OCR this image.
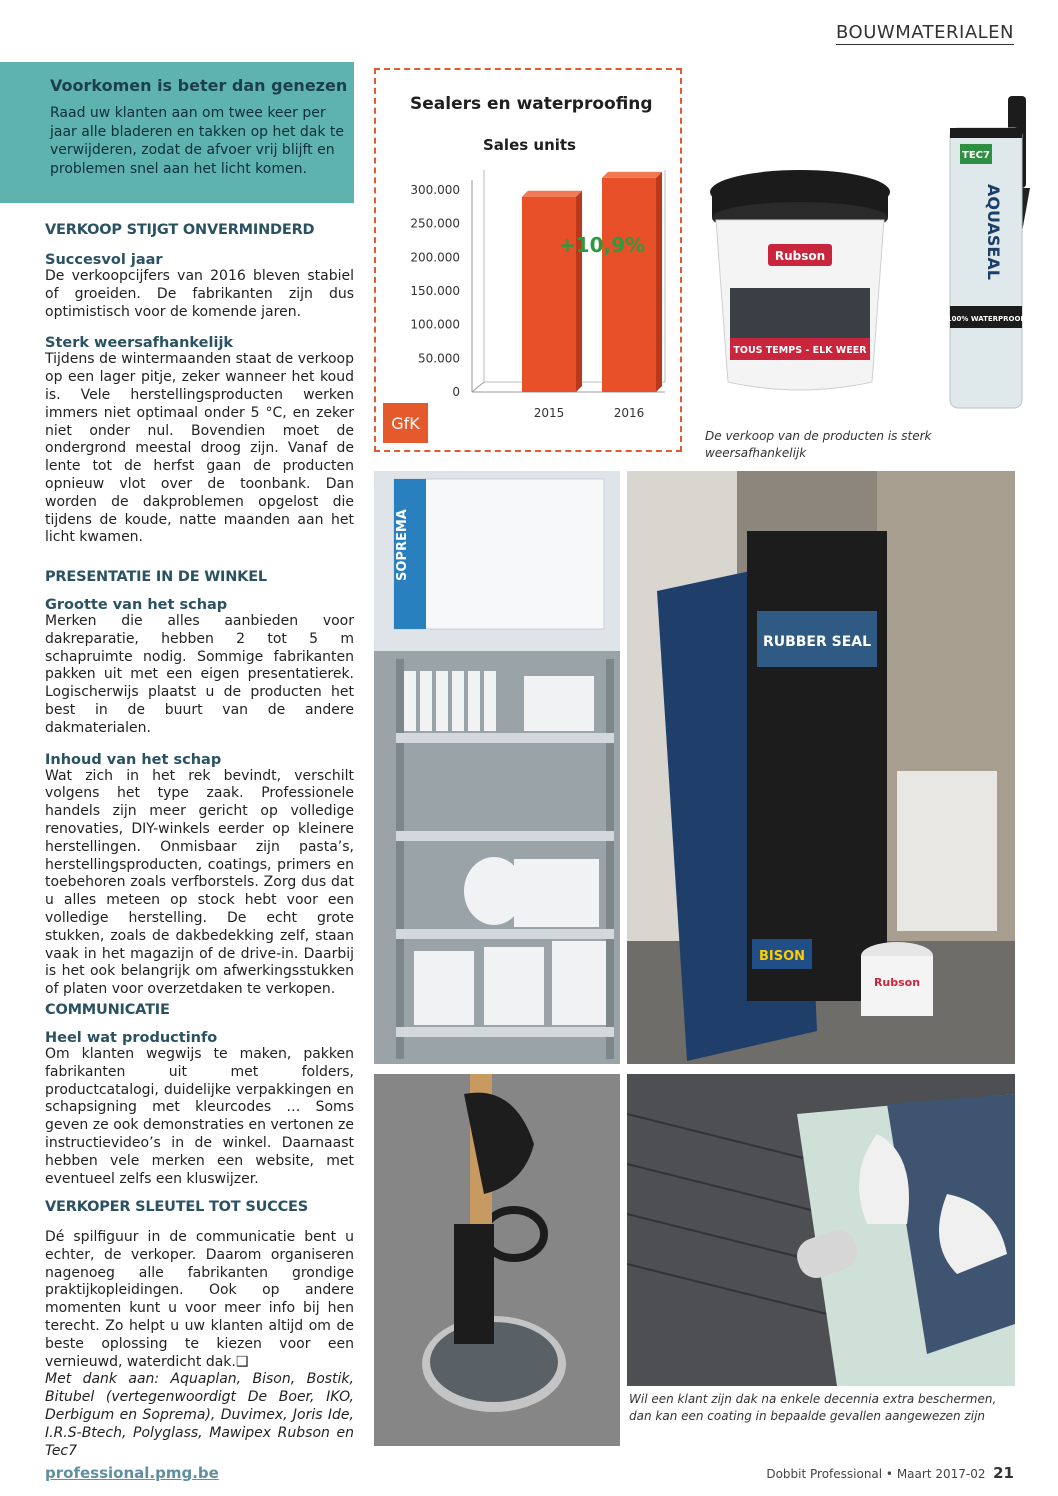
BOUWMATERIALEN
Voorkomen is beter dan genezen
Raad uw klanten aan om twee keer per jaar alle bladeren en takken op het dak te verwijderen, zodat de afvoer vrij blijft en problemen snel aan het licht komen.
VERKOOP STIJGT ONVERMINDERD
Succesvol jaar
De verkoopcijfers van 2016 bleven stabiel of groeiden. De fabrikanten zijn dus optimistisch voor de komende jaren.
Sterk weersafhankelijk
Tijdens de wintermaanden staat de verkoop op een lager pitje, zeker wanneer het koud is. Vele herstellingsproducten werken immers niet optimaal onder 5 °C, en zeker niet onder nul. Bovendien moet de ondergrond meestal droog zijn. Vanaf de lente tot de herfst gaan de producten opnieuw vlot over de toonbank. Dan worden de dakproblemen opgelost die tijdens de koude, natte maanden aan het licht kwamen.
PRESENTATIE IN DE WINKEL
Grootte van het schap
Merken die alles aanbieden voor dakreparatie, hebben 2 tot 5 m schapruimte nodig. Sommige fabrikanten pakken uit met een eigen presentatierek. Logischerwijs plaatst u de producten het best in de buurt van de andere dakmaterialen.
Inhoud van het schap
Wat zich in het rek bevindt, verschilt volgens het type zaak. Professionele handels zijn meer gericht op volledige renovaties, DIY-winkels eerder op kleinere herstellingen. Onmisbaar zijn pasta’s, herstellingsproducten, coatings, primers en toebehoren zoals verfborstels. Zorg dus dat u alles meteen op stock hebt voor een volledige herstelling. De echt grote stukken, zoals de dakbedekking zelf, staan vaak in het magazijn of de drive-in. Daarbij is het ook belangrijk om afwerkingsstukken of platen voor overzetdaken te verkopen.
COMMUNICATIE
Heel wat productinfo
Om klanten wegwijs te maken, pakken fabrikanten uit met folders, productcatalogi, duidelijke verpakkingen en schapsigning met kleurcodes … Soms geven ze ook demonstraties en vertonen ze instructievideo’s in de winkel. Daarnaast hebben vele merken een website, met eventueel zelfs een kluswijzer.
VERKOPER SLEUTEL TOT SUCCES
Dé spilfiguur in de communicatie bent u echter, de verkoper. Daarom organiseren nagenoeg alle fabrikanten grondige praktijkopleidingen. Ook op andere momenten kunt u voor meer info bij hen terecht. Zo helpt u uw klanten altijd om de beste oplossing te kiezen voor een vernieuwd, waterdicht dak.❑
Met dank aan: Aquaplan, Bison, Bostik, Bitubel (vertegenwoordigt De Boer, IKO, Derbigum en Soprema), Duvimex, Joris Ide, I.R.S-Btech, Polyglass, Mawipex Rubson en Tec7
Sealers en waterproofing
Sales units
300.000
250.000
200.000
150.000
100.000
50.000
0
2015	2016
+10,9%
GfK
TOUS TEMPS - ELK WEER
Rubson
TEC7
AQUASEAL
100% WATERPROOF
De verkoop van de producten is sterk weersafhankelijk
SOPREMA
RUBBER SEAL
BISON
Rubson
Wil een klant zijn dak na enkele decennia extra beschermen, dan kan een coating in bepaalde gevallen aangewezen zijn
professional.pmg.be	Dobbit Professional • Maart 2017-02 21
